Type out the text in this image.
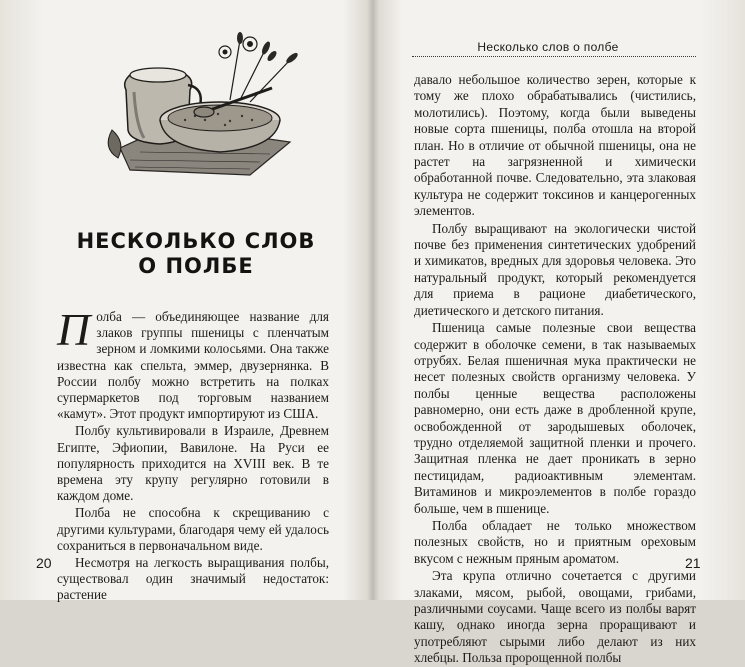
НЕСКОЛЬКО СЛОВ
О ПОЛБЕ

Полба — объединяющее название для злаков группы пшеницы с пленчатым зерном и ломкими колосьями. Она также известна как спельта, эммер, двузернянка. В России полбу можно встретить на полках супермаркетов под торговым названием «камут». Этот продукт импортируют из США.

Полбу культивировали в Израиле, Древнем Египте, Эфиопии, Вавилоне. На Руси ее популярность приходится на XVIII век. В те времена эту крупу регулярно готовили в каждом доме.

Полба не способна к скрещиванию с другими культурами, благодаря чему ей удалось сохраниться в первоначальном виде.

Несмотря на легкость выращивания полбы, существовал один значимый недостаток: растение

20
Несколько слов о полбе

давало небольшое количество зерен, которые к тому же плохо обрабатывались (чистились, молотились). Поэтому, когда были выведены новые сорта пшеницы, полба отошла на второй план. Но в отличие от обычной пшеницы, она не растет на загрязненной и химически обработанной почве. Следовательно, эта злаковая культура не содержит токсинов и канцерогенных элементов.

Полбу выращивают на экологически чистой почве без применения синтетических удобрений и химикатов, вредных для здоровья человека. Это натуральный продукт, который рекомендуется для приема в рационе диабетического, диетического и детского питания.

Пшеница самые полезные свои вещества содержит в оболочке семени, в так называемых отрубях. Белая пшеничная мука практически не несет полезных свойств организму человека. У полбы ценные вещества расположены равномерно, они есть даже в дробленной крупе, освобожденной от зародышевых оболочек, трудно отделяемой защитной пленки и прочего. Защитная пленка не дает проникать в зерно пестицидам, радиоактивным элементам. Витаминов и микроэлементов в полбе гораздо больше, чем в пшенице.

Полба обладает не только множеством полезных свойств, но и приятным ореховым вкусом с нежным пряным ароматом.

Эта крупа отлично сочетается с другими злаками, мясом, рыбой, овощами, грибами, различными соусами. Чаще всего из полбы варят кашу, однако иногда зерна проращивают и употребляют сырыми либо делают из них хлебцы. Польза пророщенной полбы

21
